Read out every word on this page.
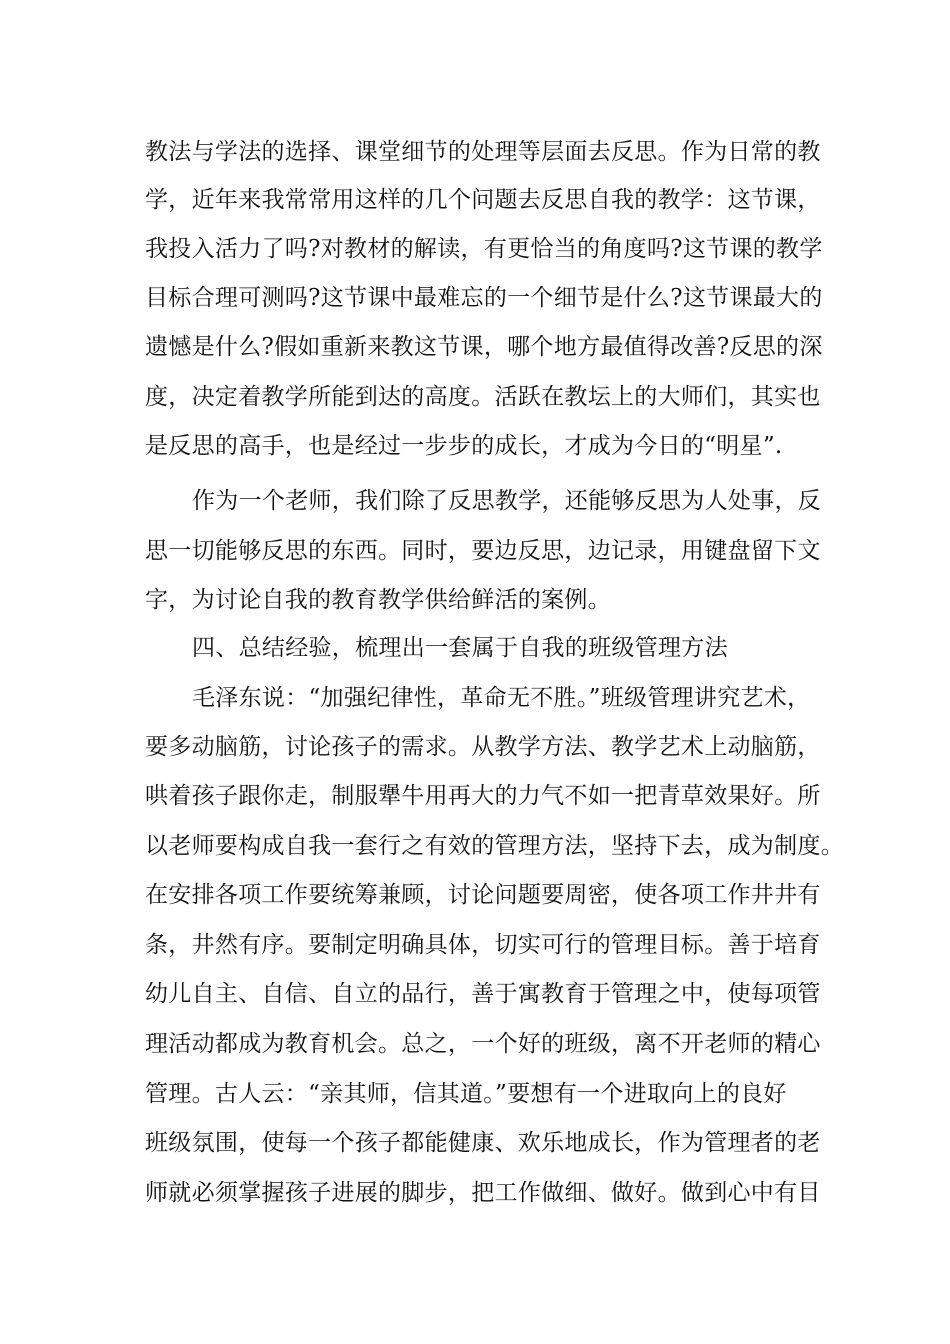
教法与学法的选择、课堂细节的处理等层面去反思。作为日常的教
学，近年来我常常用这样的几个问题去反思自我的教学：这节课，
我投入活力了吗?对教材的解读，有更恰当的角度吗?这节课的教学
目标合理可测吗?这节课中最难忘的一个细节是什么?这节课最大的
遗憾是什么?假如重新来教这节课，哪个地方最值得改善?反思的深
度，决定着教学所能到达的高度。活跃在教坛上的大师们，其实也
是反思的高手，也是经过一步步的成长，才成为今日的“明星”.
作为一个老师，我们除了反思教学，还能够反思为人处事，反
思一切能够反思的东西。同时，要边反思，边记录，用键盘留下文
字，为讨论自我的教育教学供给鲜活的案例。
四、总结经验，梳理出一套属于自我的班级管理方法
毛泽东说：“加强纪律性，革命无不胜。”班级管理讲究艺术，
要多动脑筋，讨论孩子的需求。从教学方法、教学艺术上动脑筋，
哄着孩子跟你走，制服犟牛用再大的力气不如一把青草效果好。所
以老师要构成自我一套行之有效的管理方法，坚持下去，成为制度。
在安排各项工作要统筹兼顾，讨论问题要周密，使各项工作井井有
条，井然有序。要制定明确具体，切实可行的管理目标。善于培育
幼儿自主、自信、自立的品行，善于寓教育于管理之中，使每项管
理活动都成为教育机会。总之，一个好的班级，离不开老师的精心
管理。古人云：“亲其师，信其道。”要想有一个进取向上的良好
班级氛围，使每一个孩子都能健康、欢乐地成长，作为管理者的老
师就必须掌握孩子进展的脚步，把工作做细、做好。做到心中有目
